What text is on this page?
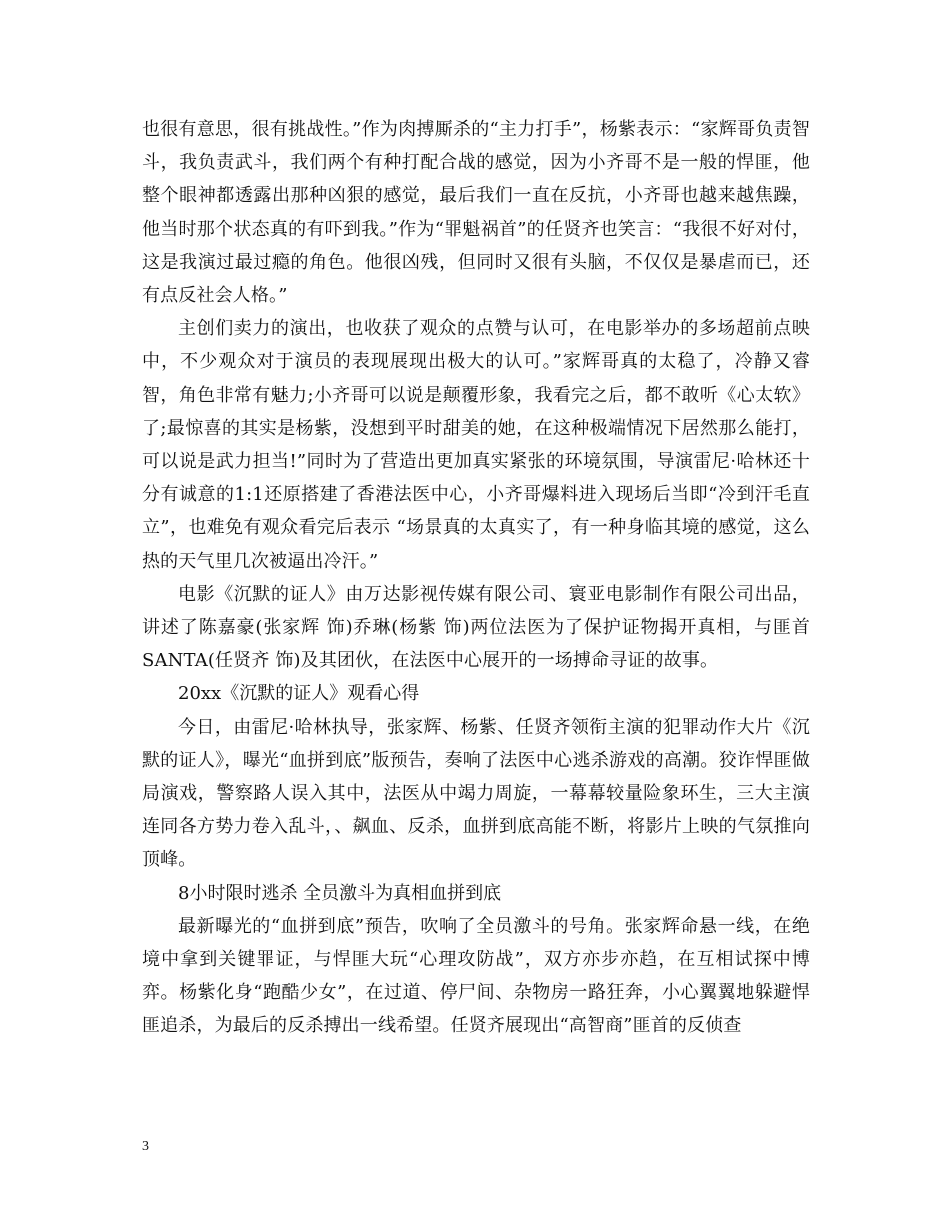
也很有意思，很有挑战性。”作为肉搏厮杀的“主力打手”，杨紫表示：“家辉哥负责智斗，我负责武斗，我们两个有种打配合战的感觉，因为小齐哥不是一般的悍匪，他整个眼神都透露出那种凶狠的感觉，最后我们一直在反抗，小齐哥也越来越焦躁，他当时那个状态真的有吓到我。”作为“罪魁祸首”的任贤齐也笑言：“我很不好对付，这是我演过最过瘾的角色。他很凶残，但同时又很有头脑，不仅仅是暴虐而已，还有点反社会人格。”

主创们卖力的演出，也收获了观众的点赞与认可，在电影举办的多场超前点映中，不少观众对于演员的表现展现出极大的认可。”家辉哥真的太稳了，冷静又睿智，角色非常有魅力;小齐哥可以说是颠覆形象，我看完之后，都不敢听《心太软》了;最惊喜的其实是杨紫，没想到平时甜美的她，在这种极端情况下居然那么能打，可以说是武力担当!”同时为了营造出更加真实紧张的环境氛围，导演雷尼·哈林还十分有诚意的1:1还原搭建了香港法医中心，小齐哥爆料进入现场后当即“冷到汗毛直立”，也难免有观众看完后表示 “场景真的太真实了，有一种身临其境的感觉，这么热的天气里几次被逼出冷汗。”

电影《沉默的证人》由万达影视传媒有限公司、寰亚电影制作有限公司出品，讲述了陈嘉豪(张家辉 饰)乔琳(杨紫 饰)两位法医为了保护证物揭开真相，与匪首SANTA(任贤齐 饰)及其团伙，在法医中心展开的一场搏命寻证的故事。

20xx《沉默的证人》观看心得

今日，由雷尼·哈林执导，张家辉、杨紫、任贤齐领衔主演的犯罪动作大片《沉默的证人》，曝光“血拼到底”版预告，奏响了法医中心逃杀游戏的高潮。狡诈悍匪做局演戏，警察路人误入其中，法医从中竭力周旋，一幕幕较量险象环生，三大主演连同各方势力卷入乱斗，、飙血、反杀，血拼到底高能不断，将影片上映的气氛推向顶峰。

8小时限时逃杀 全员激斗为真相血拼到底

最新曝光的“血拼到底”预告，吹响了全员激斗的号角。张家辉命悬一线，在绝境中拿到关键罪证，与悍匪大玩“心理攻防战”，双方亦步亦趋，在互相试探中博弈。杨紫化身“跑酷少女”，在过道、停尸间、杂物房一路狂奔，小心翼翼地躲避悍匪追杀，为最后的反杀搏出一线希望。任贤齐展现出“高智商”匪首的反侦查

3
